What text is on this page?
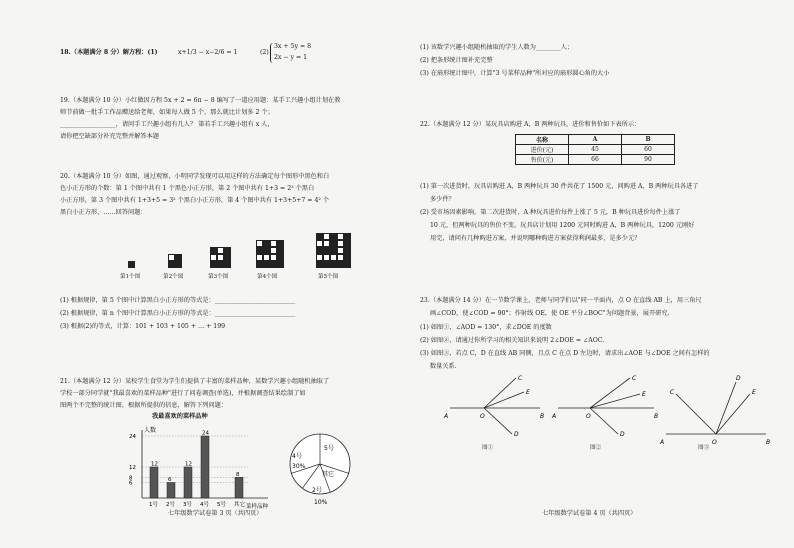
18.（本题满分 8 分）解方程：(1)	x+1/3 − x−2/6 = 1	(2)
3x + 5y = 8
2x − y = 1
19.（本题满分 10 分）小红做因方程 5x + 2 = 6π − 8 编写了一道应用题：某手工兴趣小组计划在教
师节前做一批手工作品赠送给老师，如果每人做 5 个，那么就比计划多 2 个；
__________________，请问手工兴趣小组有几人？ 第若手工兴趣小组有 x 人，
请你把空缺部分补充完整并解答本题
20.（本题满分 10 分）如图，通过观察，小明同学发现可以用这样的方法确定每个图形中黑色和白
色小正方形的个数：第 1 个图中共有 1 个黑色小正方形，第 2 个图中共有 1+3 = 2² 个黑白
小正方形，第 3 个图中共有 1+3+5 = 3² 个黑白小正方形，第 4 个图中共有 1+3+5+7 = 4² 个
黑白小正方形，……回答问题：
第1个图	第2个图	第3个图	第4个图	第5个图
(1) 根据规律，第 5 个图中计算黑白小正方形的等式是：__________________________
(2) 根据规律，第 n 个图中计算黑白小正方形的等式是：__________________________
(3) 根据(2)的等式，计算：101 + 103 + 105 + … + 199
21.（本题满分 12 分）某校学生食堂为学生们提供了丰富的菜样品种，某数学兴趣小组随机抽取了
学校一部分同学就"我最喜欢的菜样品种"进行了问卷调查(单选)，并根据调查结果绘制了如
图两个不完整的统计图，根据所提供的信息，解答下列问题：
我最喜欢的菜样品种
人数
菜样品种
24
12
8
6
12
1号
6
2号
12
3号
24
4号 5号
8
其它
4号
30%
5号
其它
2号
10%
七年级数学试卷第 3 页（共四页）
(1) 该数学兴趣小组随机抽取的学生人数为________人；
(2) 把条形统计图补充完整
(3) 在扇形统计图中，计算"3 号菜样品种"所对应的扇形圆心角的大小
22.（本题满分 12 分）某玩具店购进 A，B 两种玩具，进价和售价如下表所示：
名称	A	B
进价(元)	45	60
售价(元)	66	90
(1) 第一次进货时，玩具店购进 A，B 两种玩具 30 件共花了 1500 元，问购进 A，B 两种玩具各进了
多少件？
(2) 受市场因素影响，第二次进货时，A 种玩具进价每件上涨了 5 元，B 种玩具进价每件上涨了
10 元，但两种玩具的售价不变。玩具店计划用 1200 元同时购进 A，B 两种玩具，1200 元刚好
用完，请问有几种购进方案，并说明哪种购进方案获得利润最多，是多少元？
23.（本题满分 14 分）在一节数学课上，老师与同学们以"同一平面内，点 O 在直线 AB 上，用三角尺
画∠COD，使∠COD = 90°；作射线 OE，使 OE 平分∠BOC"为问题背景，展开研究.
(1) 如图①，∠AOD = 130°，求∠DOE 的度数
(2) 如图②，请通过你所学习的相关知识来说明 2∠DOE = ∠AOC.
(3) 如图③，若点 C，D 在直线 AB 同侧，且点 C 在点 D 左边时，请求出∠AOE 与∠DOE 之间有怎样的
数量关系.
A	O	B
C
E
D
A	O	B
C
E
D
A	O	B
C
D
E
图①	图②	图③
七年级数学试卷第 4 页（共四页）
